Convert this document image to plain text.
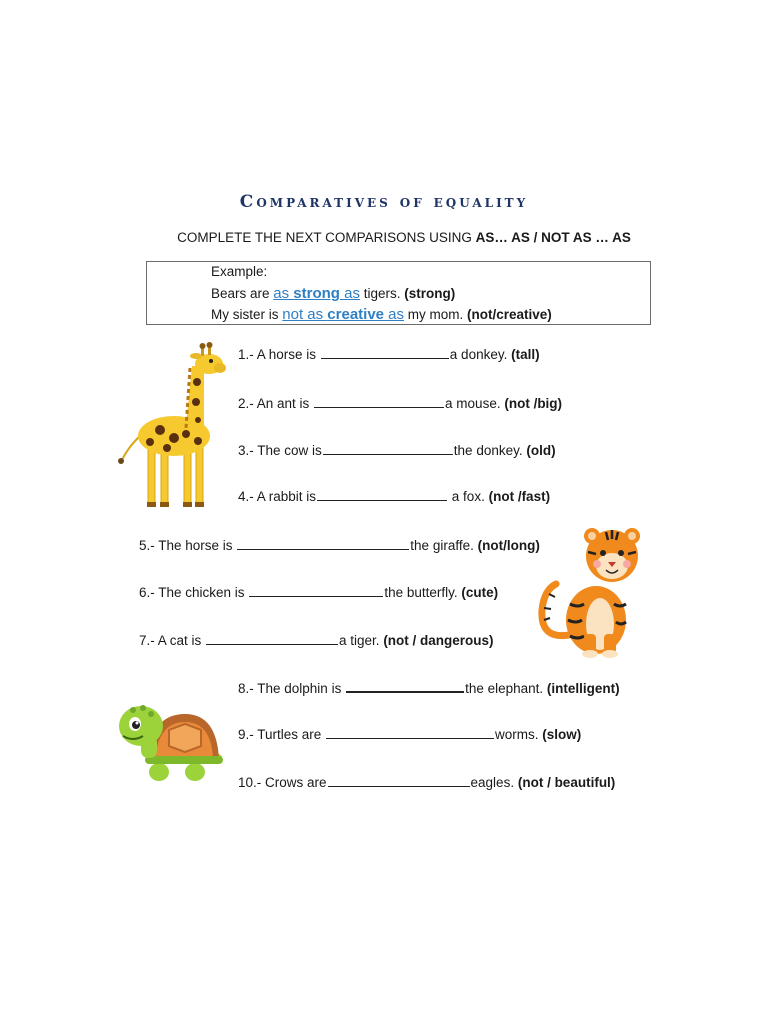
Comparatives of equality
COMPLETE THE NEXT COMPARISONS USING AS… AS / NOT AS … AS
Example:
Bears are as strong as tigers. (strong)
My sister is not as creative as my mom. (not/creative)
1.- A horse is	a donkey. (tall)
2.- An ant is	a mouse. (not /big)
3.- The cow is	the donkey. (old)
4.- A rabbit is	a fox. (not /fast)
5.- The horse is	the giraffe. (not/long)
6.- The chicken is	the butterfly. (cute)
7.- A cat is	a tiger. (not / dangerous)
8.- The dolphin is	the elephant. (intelligent)
9.- Turtles are	worms. (slow)
10.- Crows are	eagles. (not / beautiful)
